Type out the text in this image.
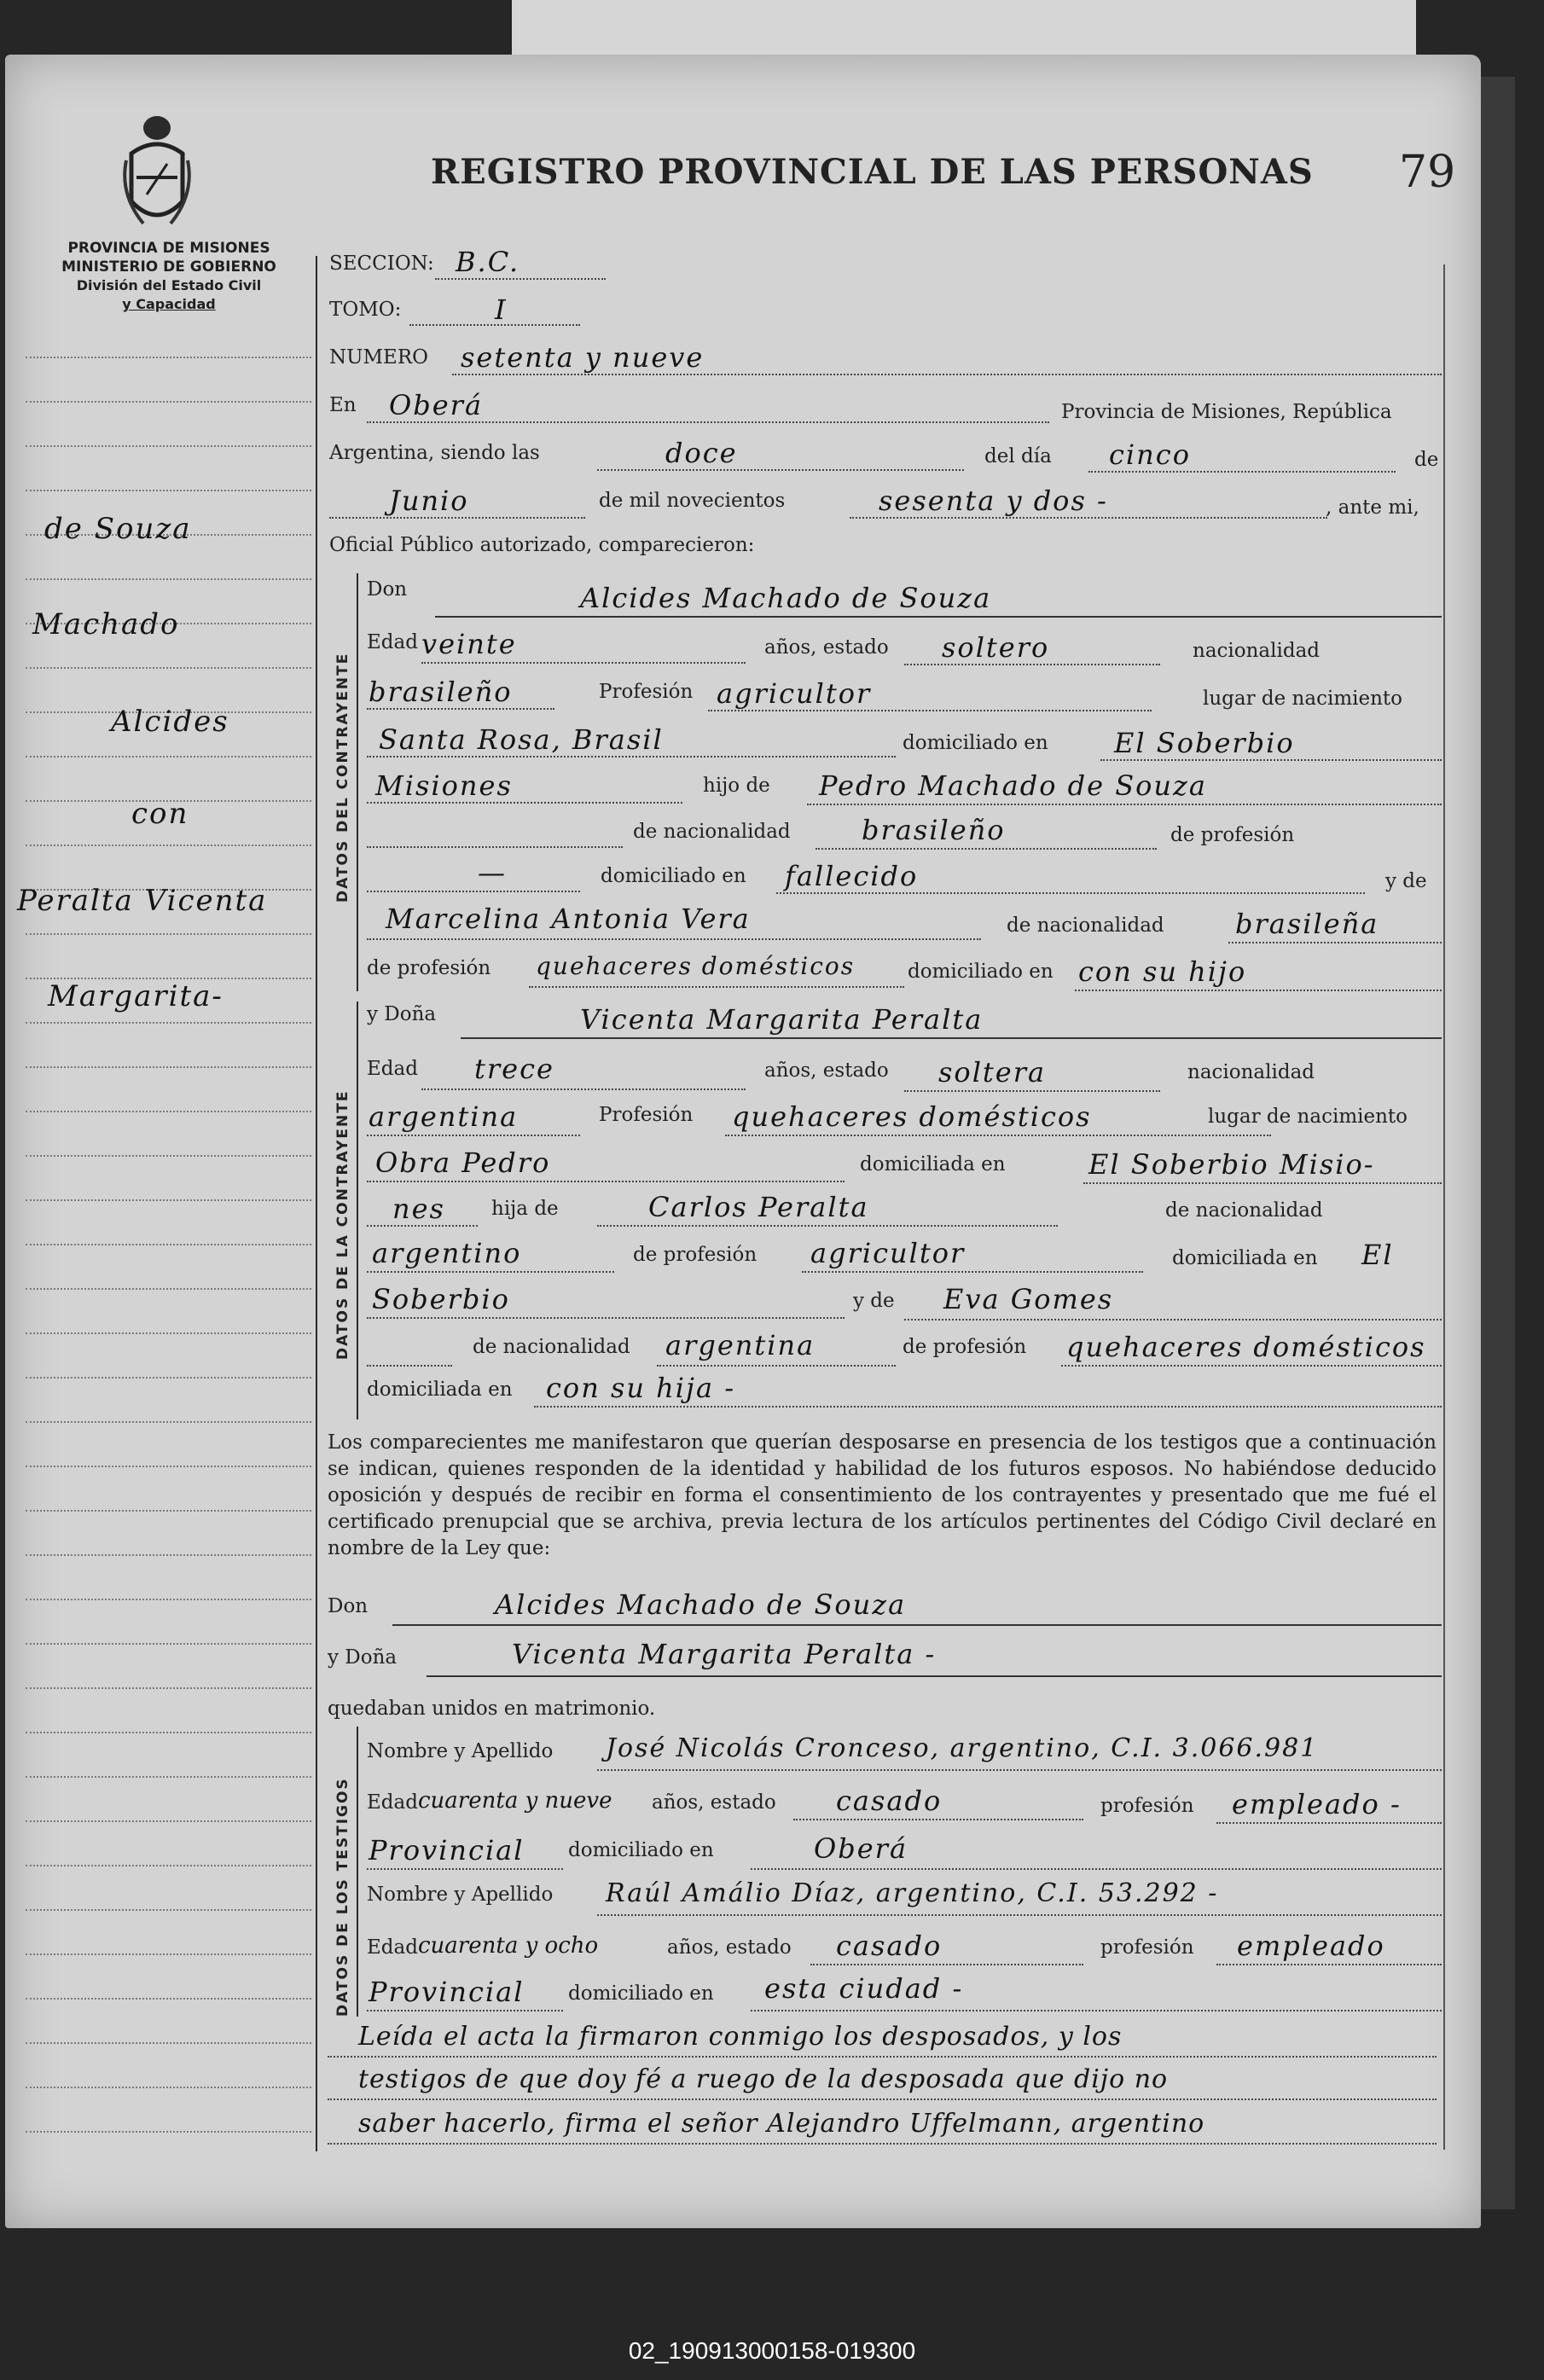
PROVINCIA DE MISIONES
MINISTERIO DE GOBIERNO
División del Estado Civil
y Capacidad
REGISTRO PROVINCIAL DE LAS PERSONAS 79
de Souza
Machado
Alcides
con
Peralta Vicenta
Margarita-
SECCION: B.C.
TOMO:	I
NUMERO setenta y nueve
En Oberá	Provincia de Misiones, República
Argentina, siendo las	doce	del día cinco	de
Junio	de mil novecientos	sesenta y dos -	, ante mi,
Oficial Público autorizado, comparecieron:
DATOS DEL CONTRAYENTE
Don	Alcides Machado de Souza
Edad veinte	años, estado soltero	nacionalidad
brasileño	Profesión agricultor	lugar de nacimiento
Santa Rosa, Brasil	domiciliado en El Soberbio
Misiones	hijo de Pedro Machado de Souza
de nacionalidad	brasileño	de profesión
—	domiciliado en fallecido	y de
Marcelina Antonia Vera	de nacionalidad	brasileña
de profesión quehaceres domésticos	domiciliado en con su hijo
DATOS DE LA CONTRAYENTE
y Doña	Vicenta Margarita Peralta
Edad trece	años, estado soltera	nacionalidad
argentina	Profesión quehaceres domésticos	lugar de nacimiento
Obra Pedro	domiciliada en	El Soberbio Misio-
nes hija de	Carlos Peralta	de nacionalidad
argentino	de profesión agricultor	domiciliada en El
Soberbio	y de Eva Gomes
de nacionalidad argentina	de profesión quehaceres domésticos
domiciliada en con su hija -
Los comparecientes me manifestaron que querían desposarse en presencia de los testigos que a continuación se indican, quienes responden de la identidad y habilidad de los futuros esposos. No habiéndose deducido oposición y después de recibir en forma el consentimiento de los contrayentes y presentado que me fué el certificado prenupcial que se archiva, previa lectura de los artículos pertinentes del Código Civil declaré en nombre de la Ley que:
Don	Alcides Machado de Souza
y Doña	Vicenta Margarita Peralta -
quedaban unidos en matrimonio.
DATOS DE LOS TESTIGOS
Nombre y Apellido José Nicolás Cronceso, argentino, C.I. 3.066.981
Edad cuarenta y nueve años, estado casado	profesión empleado -
Provincial domiciliado en	Oberá
Nombre y Apellido Raúl Amálio Díaz, argentino, C.I. 53.292 -
Edad cuarenta y ocho	años, estado casado	profesión empleado
Provincial domiciliado en esta ciudad -
Leída el acta la firmaron conmigo los desposados, y los
testigos de que doy fé a ruego de la desposada que dijo no
saber hacerlo, firma el señor Alejandro Uffelmann, argentino
02_190913000158-019300
